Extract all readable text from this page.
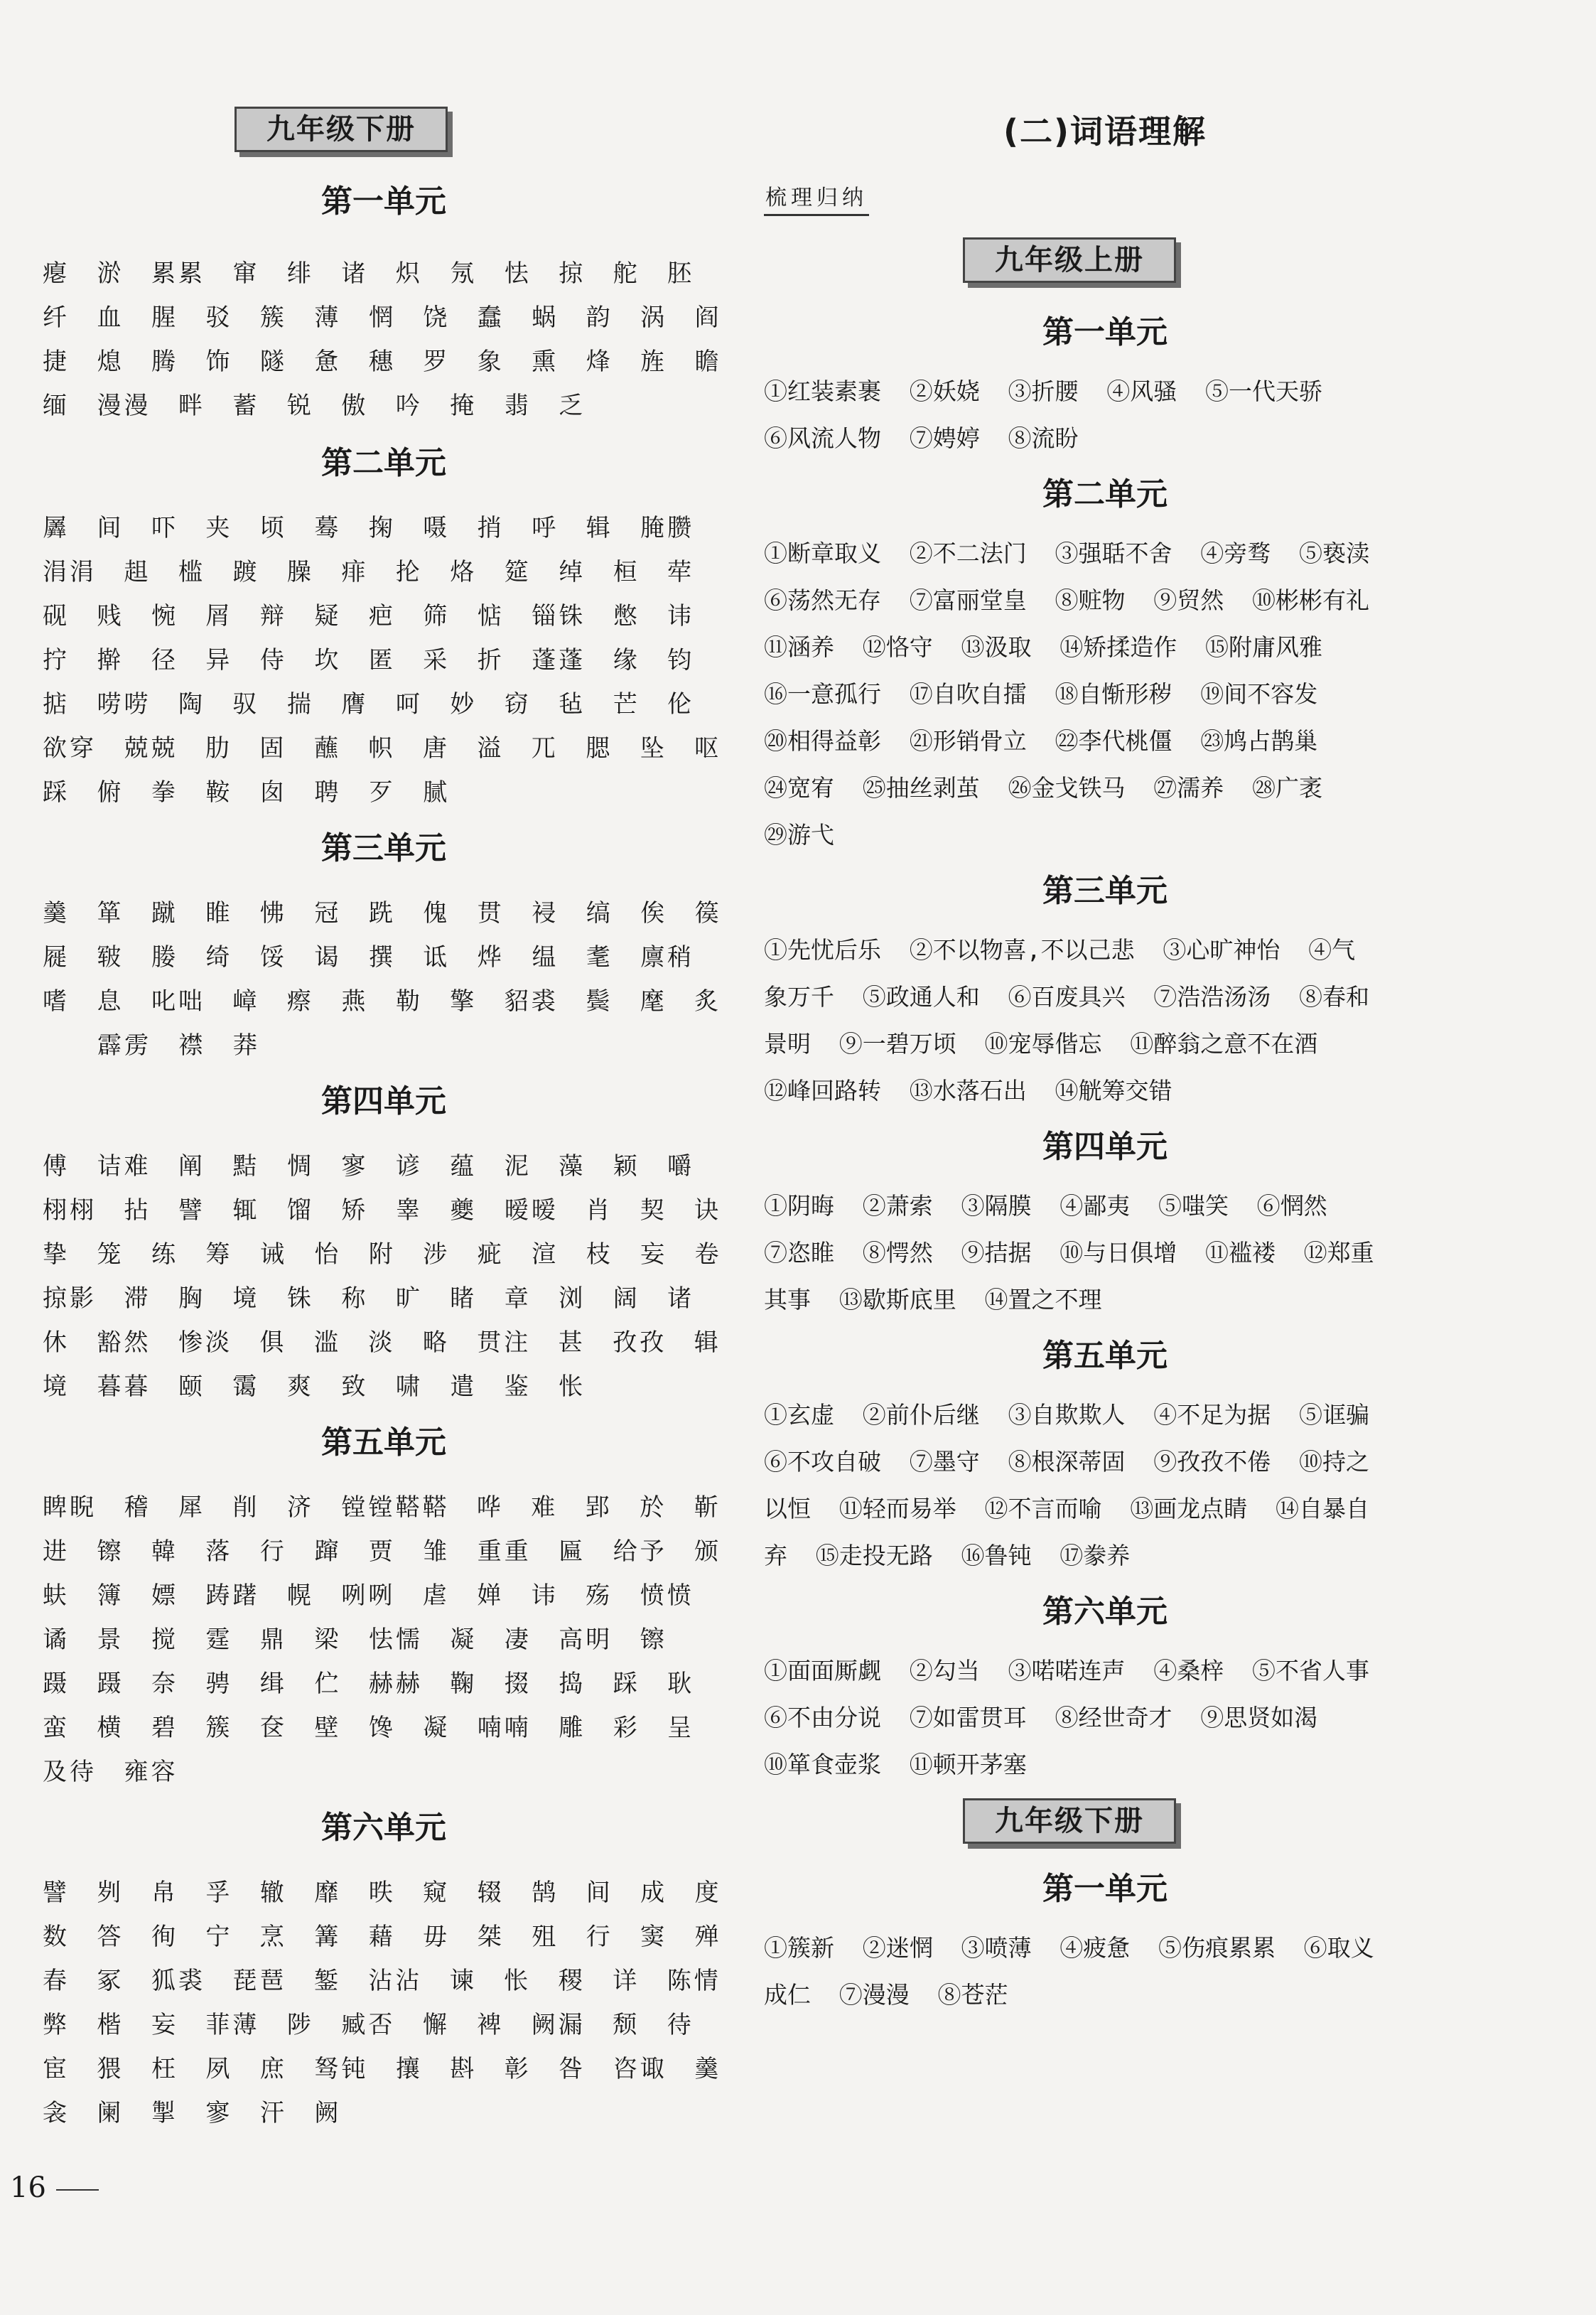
九年级下册
第一单元
瘪 淤 累累 窜 绯 诸 炽 氖 怯 掠 舵 胚
纤 血 腥 驳 簇 薄 惘 饶 蠢 蜗 韵 涡 阎
捷 熄 腾 饰 隧 惫 穗 罗 象 熏 烽 旌 瞻
缅 漫漫 畔 蓄 锐 傲 吟 掩 翡 乏
第二单元
羼 间 吓 夹 顷 蓦 掬 嗫 捎 呼 辑 腌臜
涓涓 趄 槛 踱 臊 痱 抡 烙 筵 绰 桓 荦
砚 贱 惋 屑 辩 疑 疤 筛 惦 锱铢 憋 讳
拧 擀 径 异 侍 坎 匿 采 折 蓬蓬 缘 钧
掂 唠唠 陶 驭 揣 膺 呵 妙 窃 毡 芒 伦
欲穿 兢兢 肋 固 蘸 帜 唐 溢 兀 腮 坠 呕
踩 俯 拳 鞍 囱 聘 歹 腻
第三单元
羹 箪 蹴 睢 怫 冠 跣 傀 贯 祲 缟 俟 篌
屣 皲 媵 绮 馁 谒 撰 诋 烨 缊 耄 廪稍
嗜 息 叱咄 嶂 瘵 燕 勒 擎 貂裘 鬓 麾 炙
霹雳 襟 莽
第四单元
傅 诘难 阐 黠 惆 寥 谚 蕴 泥 藻 颖 嚼
栩栩 拈 譬 辄 馏 矫 睾 夔 暧暧 肖 契 诀
挚 笼 练 筹 诫 怡 附 涉 疵 渲 枝 妄 卷
掠影 滞 胸 境 铢 称 旷 睹 章 浏 阔 诸
休 豁然 惨淡 俱 滥 淡 略 贯注 甚 孜孜 辑
境 暮暮 颐 霭 爽 致 啸 遣 鉴 怅
第五单元
睥睨 稽 犀 削 济 镗镗鞳鞳 哗 难 郢 於 靳
进 镲 韓 落 行 蹿 贾 雏 重重 匾 给予 颁
蚨 簿 嫖 踌躇 幌 咧咧 虐 婵 讳 殇 愤愤
谲 景 搅 霆 鼎 梁 怯懦 凝 凄 高明 镲
蹑 蹑 奈 骋 缉 伫 赫赫 鞠 掇 捣 踩 耿
蛮 横 碧 簇 奁 壁 馋 凝 喃喃 雕 彩 呈
及待 雍容
第六单元
譬 刿 帛 孚 辙 靡 昳 窥 辍 鹄 间 成 度
数 答 徇 宁 烹 篝 藉 毋 桀 殂 行 窦 殚
春 冢 狐裘 琵琶 錾 沾沾 谏 怅 稷 详 陈情
弊 楷 妄 菲薄 陟 臧否 懈 裨 阙漏 颓 待
宦 猥 枉 夙 庶 驽钝 攘 斟 彰 咎 咨诹 羹
衾 阑 掣 寥 汗 阙
(二)词语理解
梳理归纳
九年级上册
第一单元
①红装素裹  ②妖娆  ③折腰  ④风骚  ⑤一代天骄
⑥风流人物  ⑦娉婷  ⑧流盼
第二单元
①断章取义  ②不二法门  ③强聒不舍  ④旁骛  ⑤亵渎
⑥荡然无存  ⑦富丽堂皇  ⑧赃物  ⑨贸然  ⑩彬彬有礼
⑪涵养  ⑫恪守  ⑬汲取  ⑭矫揉造作  ⑮附庸风雅
⑯一意孤行  ⑰自吹自擂  ⑱自惭形秽  ⑲间不容发
⑳相得益彰  ㉑形销骨立  ㉒李代桃僵  ㉓鸠占鹊巢
㉔宽宥  ㉕抽丝剥茧  ㉖金戈铁马  ㉗濡养  ㉘广袤
㉙游弋
第三单元
①先忧后乐  ②不以物喜,不以己悲  ③心旷神怡  ④气
象万千  ⑤政通人和  ⑥百废具兴  ⑦浩浩汤汤  ⑧春和
景明  ⑨一碧万顷  ⑩宠辱偕忘  ⑪醉翁之意不在酒
⑫峰回路转  ⑬水落石出  ⑭觥筹交错
第四单元
①阴晦  ②萧索  ③隔膜  ④鄙夷  ⑤嗤笑  ⑥惘然
⑦恣睢  ⑧愕然  ⑨拮据  ⑩与日俱增  ⑪褴褛  ⑫郑重
其事  ⑬歇斯底里  ⑭置之不理
第五单元
①玄虚  ②前仆后继  ③自欺欺人  ④不足为据  ⑤诓骗
⑥不攻自破  ⑦墨守  ⑧根深蒂固  ⑨孜孜不倦  ⑩持之
以恒  ⑪轻而易举  ⑫不言而喻  ⑬画龙点睛  ⑭自暴自
弃  ⑮走投无路  ⑯鲁钝  ⑰豢养
第六单元
①面面厮觑  ②勾当  ③喏喏连声  ④桑梓  ⑤不省人事
⑥不由分说  ⑦如雷贯耳  ⑧经世奇才  ⑨思贤如渴
⑩箪食壶浆  ⑪顿开茅塞
九年级下册
第一单元
①簇新  ②迷惘  ③喷薄  ④疲惫  ⑤伤痕累累  ⑥取义
成仁  ⑦漫漫  ⑧苍茫
16
